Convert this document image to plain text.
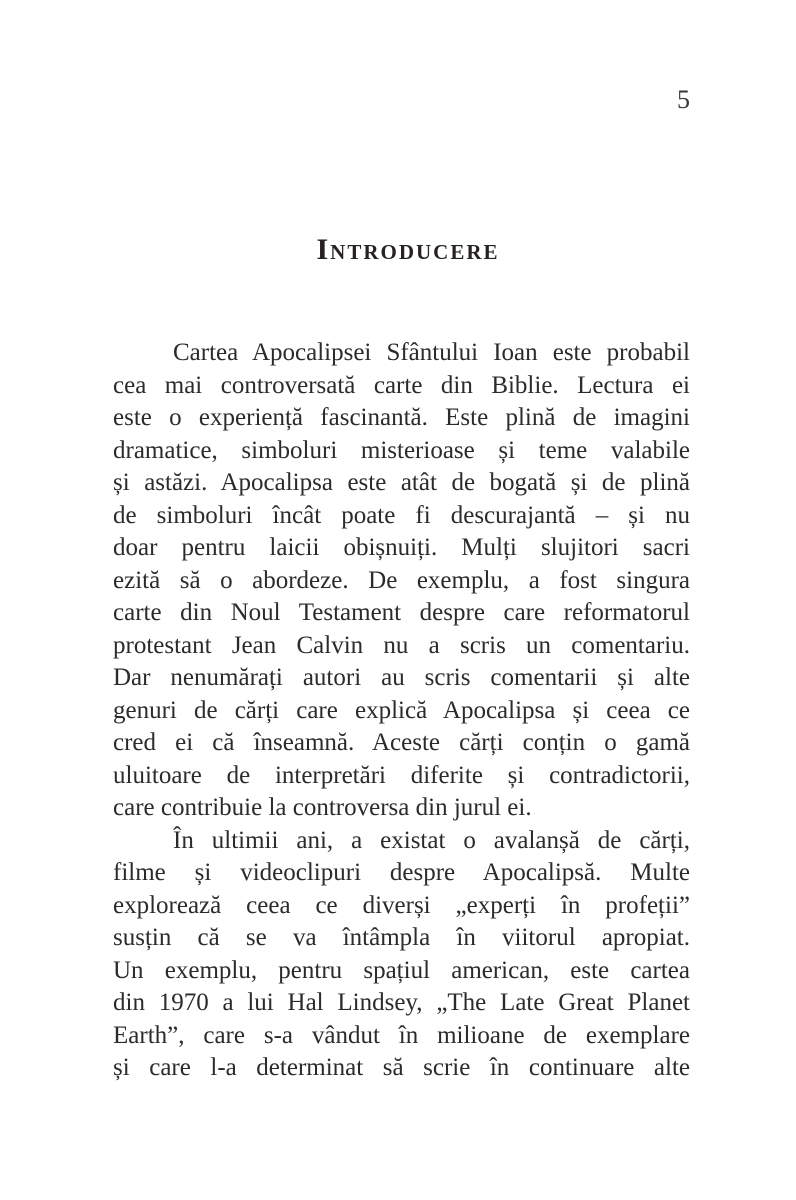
5
Introducere
Cartea Apocalipsei Sfântului Ioan este probabil
cea mai controversată carte din Biblie. Lectura ei
este o experiență fascinantă. Este plină de imagini
dramatice, simboluri misterioase și teme valabile
și astăzi. Apocalipsa este atât de bogată și de plină
de simboluri încât poate fi descurajantă – și nu
doar pentru laicii obișnuiți. Mulți slujitori sacri
ezită să o abordeze. De exemplu, a fost singura
carte din Noul Testament despre care reformatorul
protestant Jean Calvin nu a scris un comentariu.
Dar nenumărați autori au scris comentarii și alte
genuri de cărți care explică Apocalipsa și ceea ce
cred ei că înseamnă. Aceste cărți conțin o gamă
uluitoare de interpretări diferite și contradictorii,
care contribuie la controversa din jurul ei.
În ultimii ani, a existat o avalanșă de cărți,
filme și videoclipuri despre Apocalipsă. Multe
explorează ceea ce diverși „experți în profeții”
susțin că se va întâmpla în viitorul apropiat.
Un exemplu, pentru spațiul american, este cartea
din 1970 a lui Hal Lindsey, „The Late Great Planet
Earth”, care s-a vândut în milioane de exemplare
și care l-a determinat să scrie în continuare alte
